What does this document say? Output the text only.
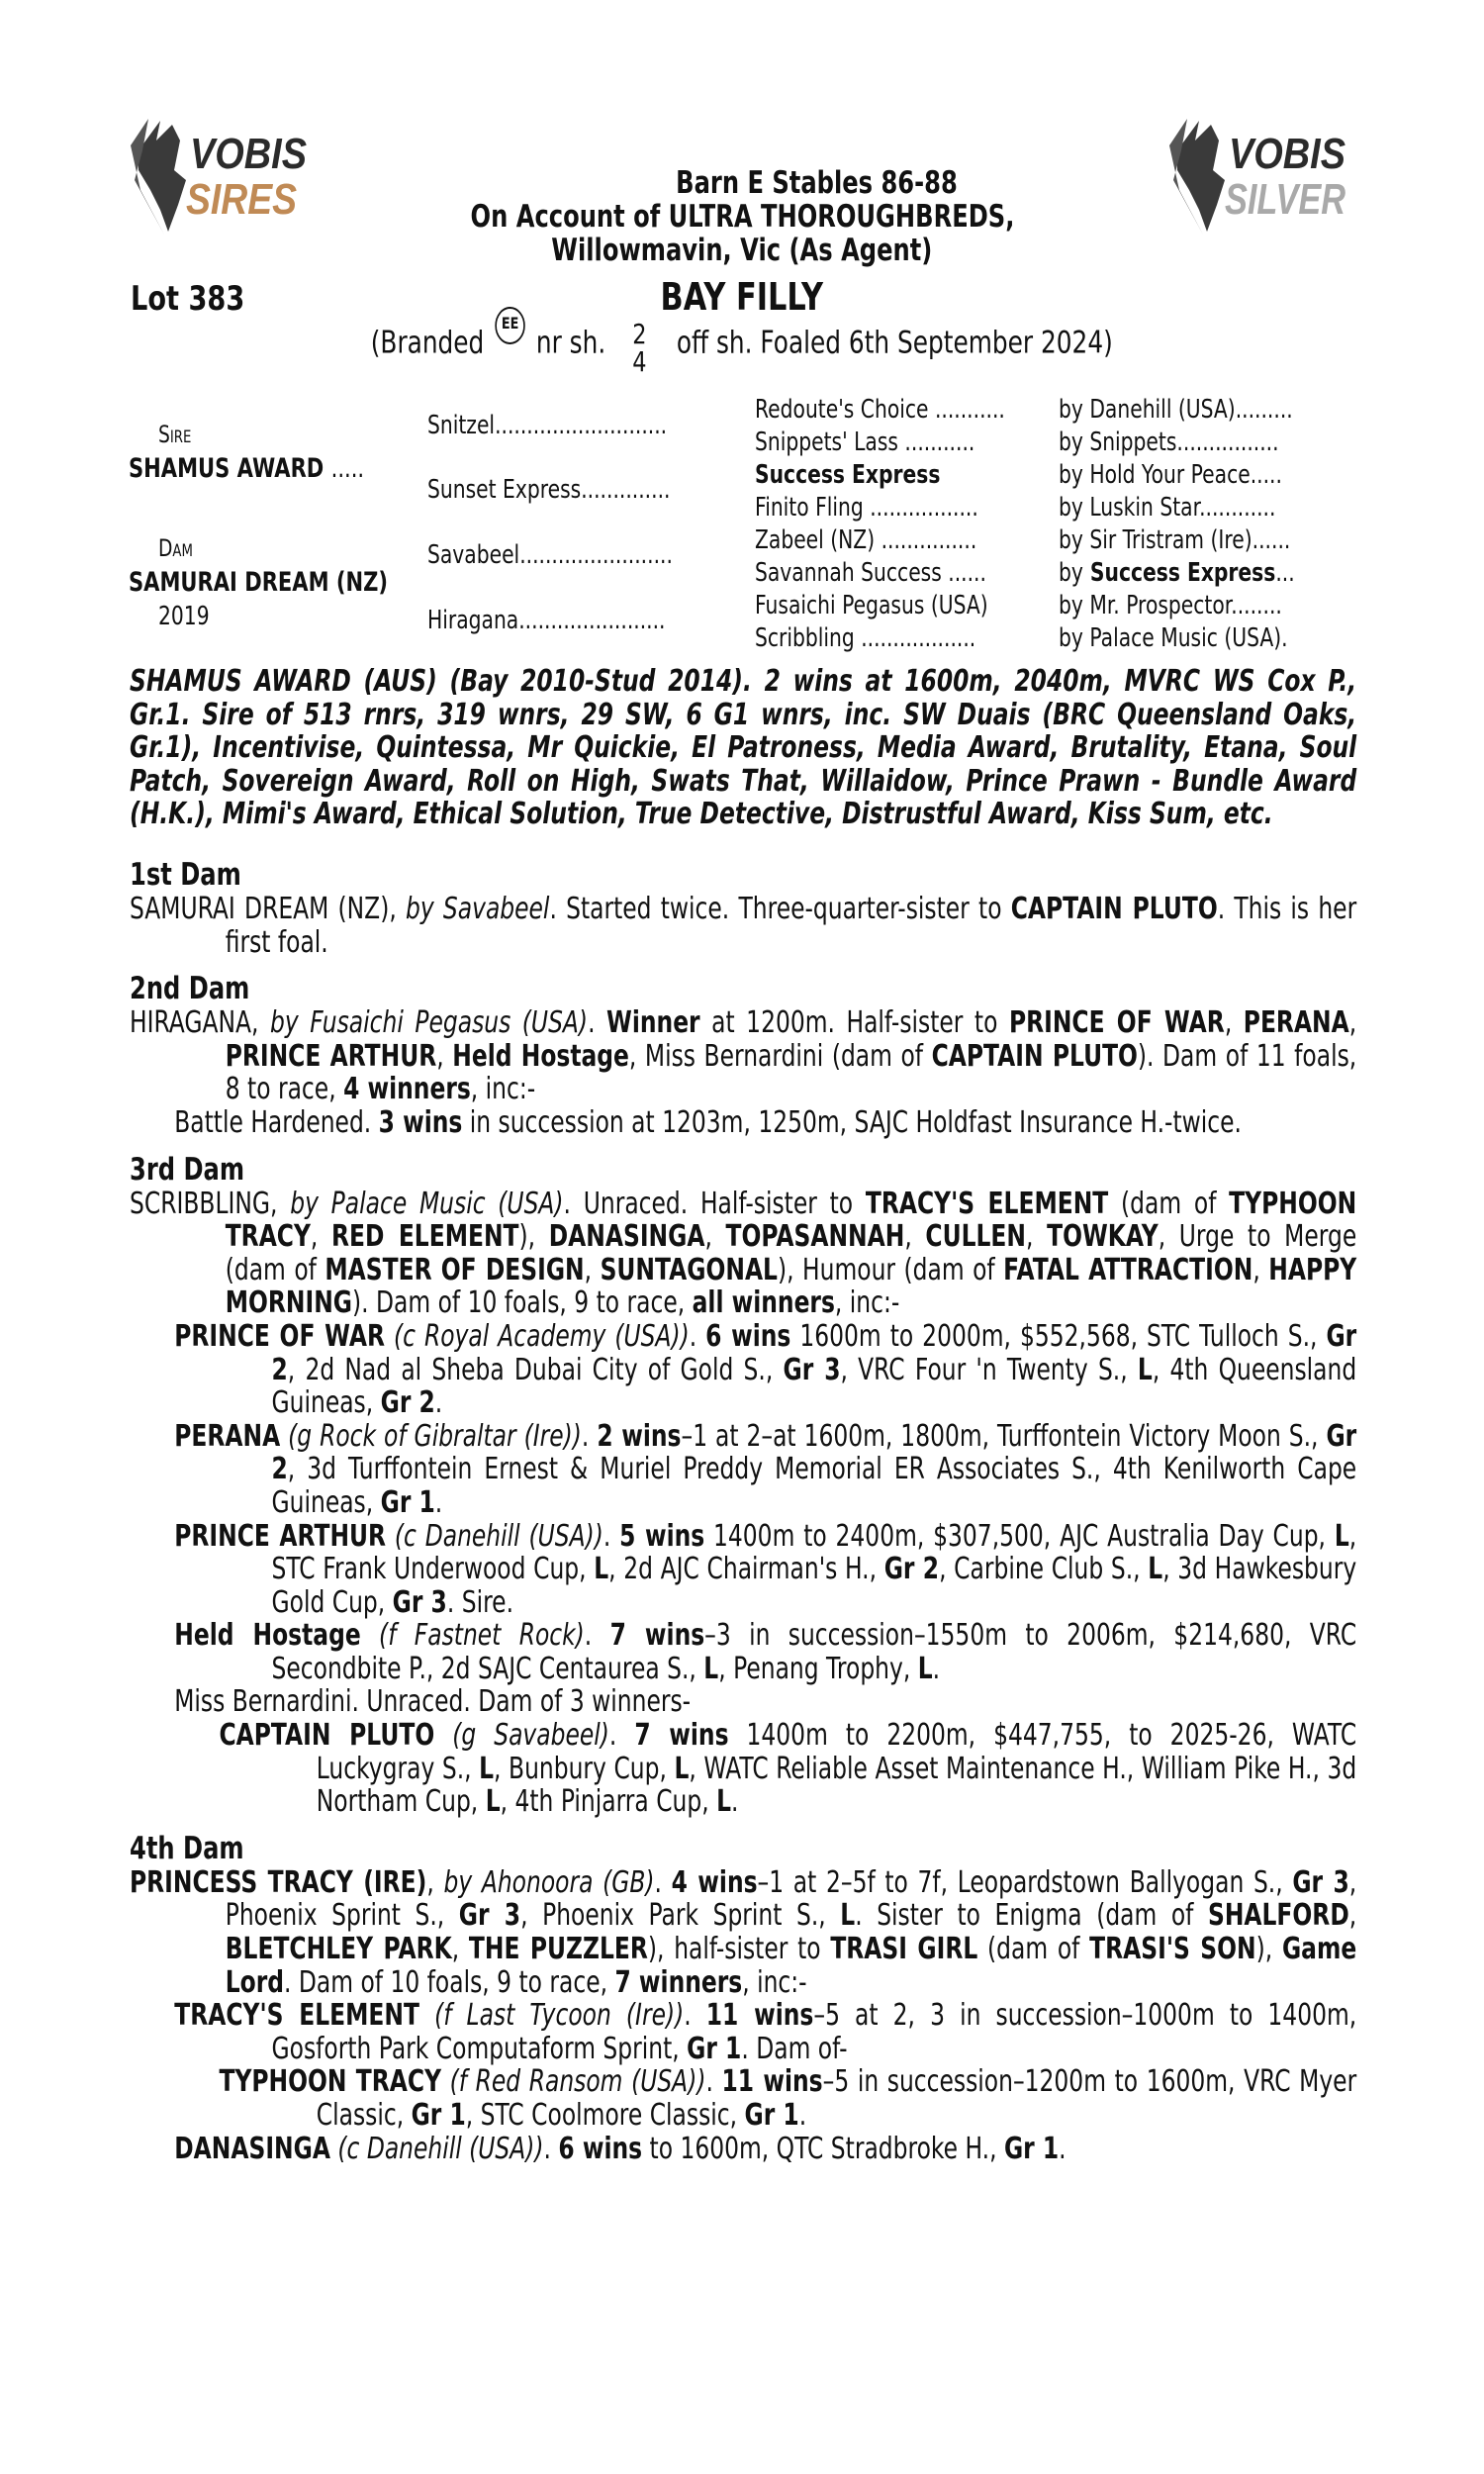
VOBIS
SIRES
VOBIS
SILVER
Barn E Stables 86-88
On Account of ULTRA THOROUGHBREDS,
Willowmavin, Vic (As Agent)
Lot 383	BAY FILLY
(Branded EE nr sh. 2
4
off sh. Foaled 6th September 2024)
Sire
SHAMUS AWARD .....
Dam
SAMURAI DREAM (NZ)
2019
Snitzel...........................
Sunset Express..............
Savabeel........................
Hiragana.......................
Redoute's Choice ...........	by Danehill (USA).........
Snippets' Lass ...........	by Snippets................
Success Express	by Hold Your Peace.....
Finito Fling .................	by Luskin Star............
Zabeel (NZ) ...............	by Sir Tristram (Ire)......
Savannah Success ......	by Success Express...
Fusaichi Pegasus (USA)	by Mr. Prospector........
Scribbling ..................	by Palace Music (USA).
SHAMUS AWARD (AUS) (Bay 2010-Stud 2014). 2 wins at 1600m, 2040m, MVRC WS Cox P., Gr.1. Sire of 513 rnrs, 319 wnrs, 29 SW, 6 G1 wnrs, inc. SW Duais (BRC Queensland Oaks, Gr.1), Incentivise, Quintessa, Mr Quickie, El Patroness, Media Award, Brutality, Etana, Soul Patch, Sovereign Award, Roll on High, Swats That, Willaidow, Prince Prawn - Bundle Award (H.K.), Mimi's Award, Ethical Solution, True Detective, Distrustful Award, Kiss Sum, etc.
1st Dam
SAMURAI DREAM (NZ), by Savabeel. Started twice. Three-quarter-sister to CAPTAIN PLUTO. This is her first foal.
2nd Dam
HIRAGANA, by Fusaichi Pegasus (USA). Winner at 1200m. Half-sister to PRINCE OF WAR, PERANA, PRINCE ARTHUR, Held Hostage, Miss Bernardini (dam of CAPTAIN PLUTO). Dam of 11 foals, 8 to race, 4 winners, inc:-
Battle Hardened. 3 wins in succession at 1203m, 1250m, SAJC Holdfast Insurance H.-twice.
3rd Dam
SCRIBBLING, by Palace Music (USA). Unraced. Half-sister to TRACY'S ELEMENT (dam of TYPHOON TRACY, RED ELEMENT), DANASINGA, TOPASANNAH, CULLEN, TOWKAY, Urge to Merge (dam of MASTER OF DESIGN, SUNTAGONAL), Humour (dam of FATAL ATTRACTION, HAPPY MORNING). Dam of 10 foals, 9 to race, all winners, inc:-
PRINCE OF WAR (c Royal Academy (USA)). 6 wins 1600m to 2000m, $552,568, STC Tulloch S., Gr 2, 2d Nad al Sheba Dubai City of Gold S., Gr 3, VRC Four 'n Twenty S., L, 4th Queensland Guineas, Gr 2.
PERANA (g Rock of Gibraltar (Ire)). 2 wins–1 at 2–at 1600m, 1800m, Turffontein Victory Moon S., Gr 2, 3d Turffontein Ernest & Muriel Preddy Memorial ER Associates S., 4th Kenilworth Cape Guineas, Gr 1.
PRINCE ARTHUR (c Danehill (USA)). 5 wins 1400m to 2400m, $307,500, AJC Australia Day Cup, L, STC Frank Underwood Cup, L, 2d AJC Chairman's H., Gr 2, Carbine Club S., L, 3d Hawkesbury Gold Cup, Gr 3. Sire.
Held Hostage (f Fastnet Rock). 7 wins–3 in succession–1550m to 2006m, $214,680, VRC Secondbite P., 2d SAJC Centaurea S., L, Penang Trophy, L.
Miss Bernardini. Unraced. Dam of 3 winners-
CAPTAIN PLUTO (g Savabeel). 7 wins 1400m to 2200m, $447,755, to 2025-26, WATC Luckygray S., L, Bunbury Cup, L, WATC Reliable Asset Maintenance H., William Pike H., 3d Northam Cup, L, 4th Pinjarra Cup, L.
4th Dam
PRINCESS TRACY (IRE), by Ahonoora (GB). 4 wins–1 at 2–5f to 7f, Leopardstown Ballyogan S., Gr 3, Phoenix Sprint S., Gr 3, Phoenix Park Sprint S., L. Sister to Enigma (dam of SHALFORD, BLETCHLEY PARK, THE PUZZLER), half-sister to TRASI GIRL (dam of TRASI'S SON), Game Lord. Dam of 10 foals, 9 to race, 7 winners, inc:-
TRACY'S ELEMENT (f Last Tycoon (Ire)). 11 wins–5 at 2, 3 in succession–1000m to 1400m, Gosforth Park Computaform Sprint, Gr 1. Dam of-
TYPHOON TRACY (f Red Ransom (USA)). 11 wins–5 in succession–1200m to 1600m, VRC Myer Classic, Gr 1, STC Coolmore Classic, Gr 1.
DANASINGA (c Danehill (USA)). 6 wins to 1600m, QTC Stradbroke H., Gr 1.
